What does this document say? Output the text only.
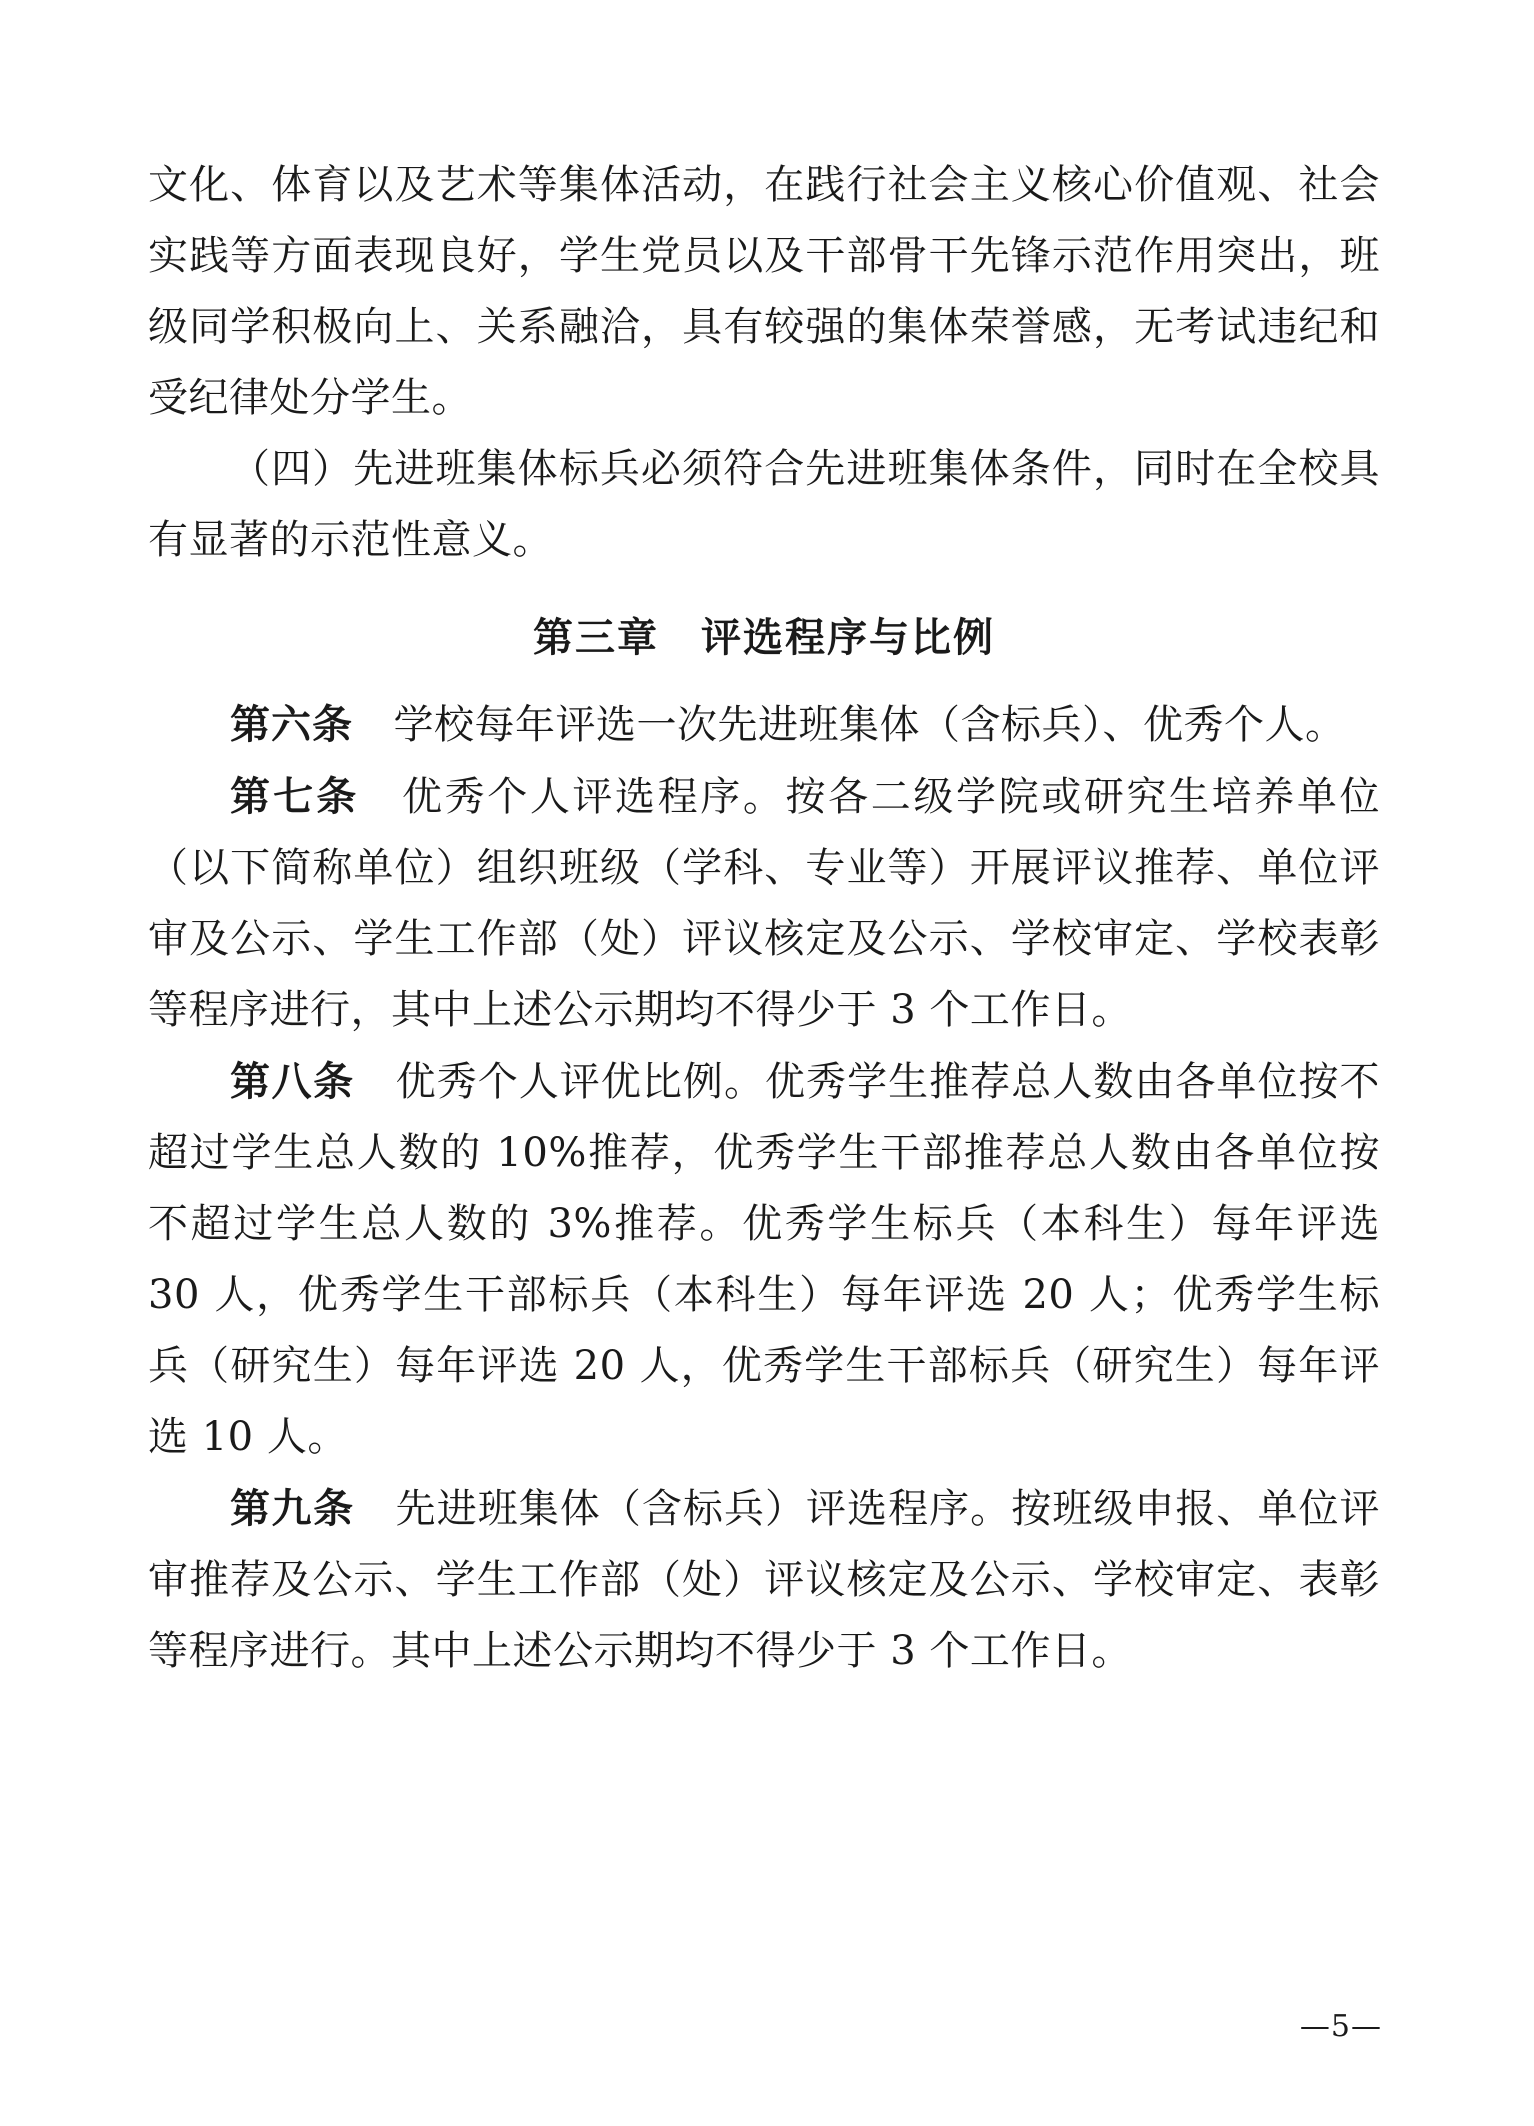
文化、体育以及艺术等集体活动，在践行社会主义核心价值观、社会实践等方面表现良好，学生党员以及干部骨干先锋示范作用突出，班级同学积极向上、关系融洽，具有较强的集体荣誉感，无考试违纪和受纪律处分学生。

（四）先进班集体标兵必须符合先进班集体条件，同时在全校具有显著的示范性意义。

第三章　评选程序与比例

第六条　学校每年评选一次先进班集体（含标兵）、优秀个人。

第七条　优秀个人评选程序。按各二级学院或研究生培养单位（以下简称单位）组织班级（学科、专业等）开展评议推荐、单位评审及公示、学生工作部（处）评议核定及公示、学校审定、学校表彰等程序进行，其中上述公示期均不得少于 3 个工作日。

第八条　优秀个人评优比例。优秀学生推荐总人数由各单位按不超过学生总人数的 10%推荐，优秀学生干部推荐总人数由各单位按不超过学生总人数的 3%推荐。优秀学生标兵（本科生）每年评选 30 人，优秀学生干部标兵（本科生）每年评选 20 人；优秀学生标兵（研究生）每年评选 20 人，优秀学生干部标兵（研究生）每年评选 10 人。

第九条　先进班集体（含标兵）评选程序。按班级申报、单位评审推荐及公示、学生工作部（处）评议核定及公示、学校审定、表彰等程序进行。其中上述公示期均不得少于 3 个工作日。

—5—
